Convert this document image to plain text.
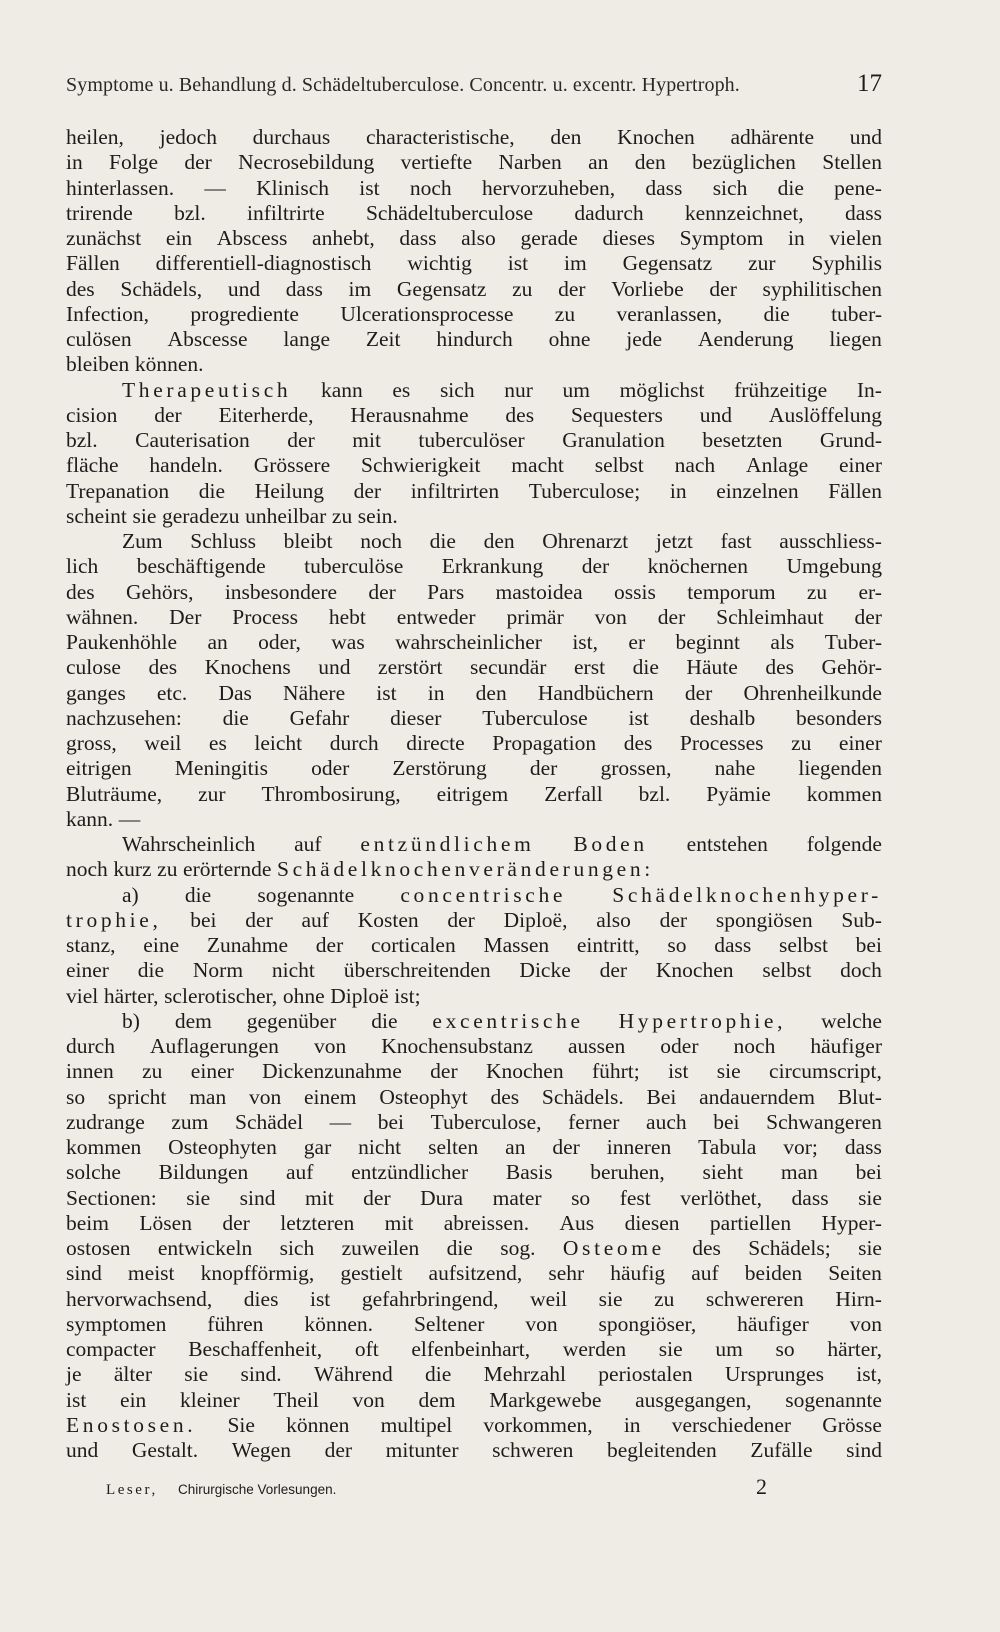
Symptome u. Behandlung d. Schädeltuberculose. Concentr. u. excentr. Hypertroph.	17
heilen, jedoch durchaus characteristische, den Knochen adhärente und
in Folge der Necrosebildung vertiefte Narben an den bezüglichen Stellen
hinterlassen. — Klinisch ist noch hervorzuheben, dass sich die pene-
trirende bzl. infiltrirte Schädeltuberculose dadurch kennzeichnet, dass
zunächst ein Abscess anhebt, dass also gerade dieses Symptom in vielen
Fällen differentiell-diagnostisch wichtig ist im Gegensatz zur Syphilis
des Schädels, und dass im Gegensatz zu der Vorliebe der syphilitischen
Infection, progrediente Ulcerationsprocesse zu veranlassen, die tuber-
culösen Abscesse lange Zeit hindurch ohne jede Aenderung liegen
bleiben können.
Therapeutisch kann es sich nur um möglichst frühzeitige In-
cision der Eiterherde, Herausnahme des Sequesters und Auslöffelung
bzl. Cauterisation der mit tuberculöser Granulation besetzten Grund-
fläche handeln. Grössere Schwierigkeit macht selbst nach Anlage einer
Trepanation die Heilung der infiltrirten Tuberculose; in einzelnen Fällen
scheint sie geradezu unheilbar zu sein.
Zum Schluss bleibt noch die den Ohrenarzt jetzt fast ausschliess-
lich beschäftigende tuberculöse Erkrankung der knöchernen Umgebung
des Gehörs, insbesondere der Pars mastoidea ossis temporum zu er-
wähnen. Der Process hebt entweder primär von der Schleimhaut der
Paukenhöhle an oder, was wahrscheinlicher ist, er beginnt als Tuber-
culose des Knochens und zerstört secundär erst die Häute des Gehör-
ganges etc. Das Nähere ist in den Handbüchern der Ohrenheilkunde
nachzusehen: die Gefahr dieser Tuberculose ist deshalb besonders
gross, weil es leicht durch directe Propagation des Processes zu einer
eitrigen Meningitis oder Zerstörung der grossen, nahe liegenden
Bluträume, zur Thrombosirung, eitrigem Zerfall bzl. Pyämie kommen
kann. —
Wahrscheinlich auf entzündlichem Boden entstehen folgende
noch kurz zu erörternde Schädelknochenveränderungen:
a) die sogenannte concentrische Schädelknochenhyper-
trophie, bei der auf Kosten der Diploë, also der spongiösen Sub-
stanz, eine Zunahme der corticalen Massen eintritt, so dass selbst bei
einer die Norm nicht überschreitenden Dicke der Knochen selbst doch
viel härter, sclerotischer, ohne Diploë ist;
b) dem gegenüber die excentrische Hypertrophie, welche
durch Auflagerungen von Knochensubstanz aussen oder noch häufiger
innen zu einer Dickenzunahme der Knochen führt; ist sie circumscript,
so spricht man von einem Osteophyt des Schädels. Bei andauerndem Blut-
zudrange zum Schädel — bei Tuberculose, ferner auch bei Schwangeren
kommen Osteophyten gar nicht selten an der inneren Tabula vor; dass
solche Bildungen auf entzündlicher Basis beruhen, sieht man bei
Sectionen: sie sind mit der Dura mater so fest verlöthet, dass sie
beim Lösen der letzteren mit abreissen. Aus diesen partiellen Hyper-
ostosen entwickeln sich zuweilen die sog. Osteome des Schädels; sie
sind meist knopfförmig, gestielt aufsitzend, sehr häufig auf beiden Seiten
hervorwachsend, dies ist gefahrbringend, weil sie zu schwereren Hirn-
symptomen führen können. Seltener von spongiöser, häufiger von
compacter Beschaffenheit, oft elfenbeinhart, werden sie um so härter,
je älter sie sind. Während die Mehrzahl periostalen Ursprunges ist,
ist ein kleiner Theil von dem Markgewebe ausgegangen, sogenannte
Enostosen. Sie können multipel vorkommen, in verschiedener Grösse
und Gestalt. Wegen der mitunter schweren begleitenden Zufälle sind
Leser, Chirurgische Vorlesungen.	2
